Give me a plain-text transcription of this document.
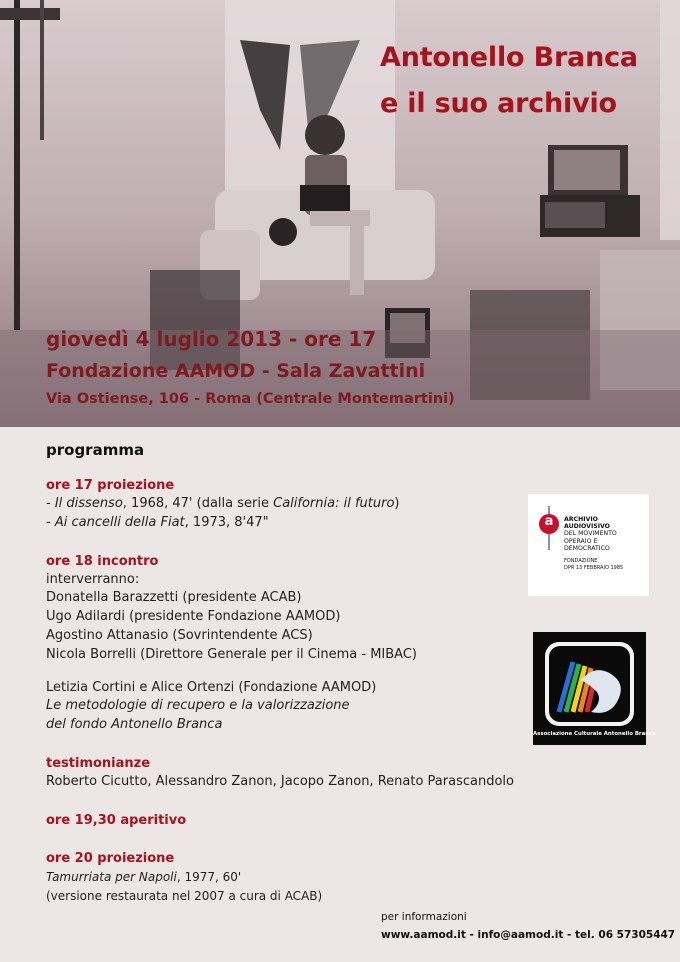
Antonello Branca
e il suo archivio
giovedì 4 luglio 2013 - ore 17
Fondazione AAMOD - Sala Zavattini
Via Ostiense, 106 - Roma (Centrale Montemartini)
programma
ore 17 proiezione
- Il dissenso, 1968, 47' (dalla serie California: il futuro)
- Ai cancelli della Fiat, 1973, 8'47"
ore 18 incontro
interverranno:
Donatella Barazzetti (presidente ACAB)
Ugo Adilardi (presidente Fondazione AAMOD)
Agostino Attanasio (Sovrintendente ACS)
Nicola Borrelli (Direttore Generale per il Cinema - MIBAC)
Letizia Cortini e Alice Ortenzi (Fondazione AAMOD)
Le metodologie di recupero e la valorizzazione
del fondo Antonello Branca
testimonianze
Roberto Cicutto, Alessandro Zanon, Jacopo Zanon, Renato Parascandolo
ore 19,30 aperitivo
ore 20 proiezione
Tamurriata per Napoli, 1977, 60'
(versione restaurata nel 2007 a cura di ACAB)
a ARCHIVIO
AUDIOVISIVO
DEL MOVIMENTO
OPERAIO E
DEMOCRATICO
FONDAZIONE
DPR 13 FEBBRAIO 1985
Associazione Culturale Antonello Branca
per informazioni
www.aamod.it - info@aamod.it - tel. 06 57305447
